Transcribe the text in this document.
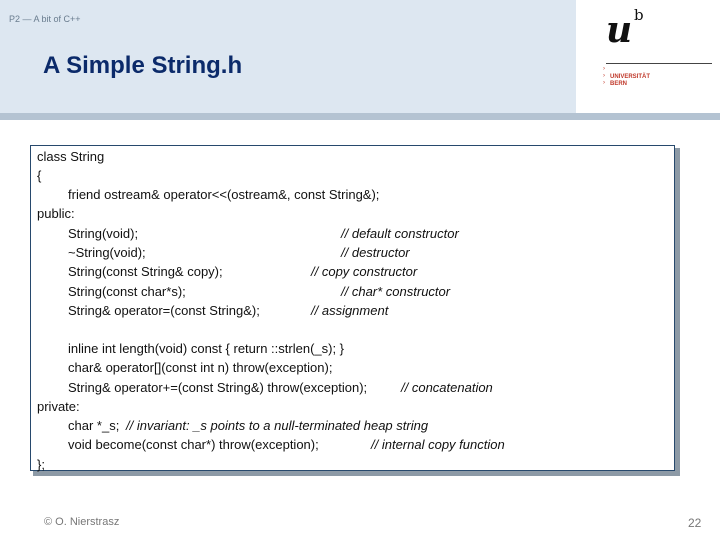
P2 — A bit of C++
A Simple String.h
u b
›
›
›
UNIVERSITÄT
BERN
class String
{
friend ostream& operator<<(ostream&, const String&);
public:
String(void);	// default constructor
~String(void);	// destructor
String(const String& copy);	// copy constructor
String(const char*s);	// char* constructor
String& operator=(const String&);	// assignment
inline int length(void) const { return ::strlen(_s); }
char& operator[](const int n) throw(exception);
String& operator+=(const String&) throw(exception);	// concatenation
private:
char *_s; // invariant: _s points to a null-terminated heap string
void become(const char*) throw(exception);	// internal copy function
};
© O. Nierstrasz	22
